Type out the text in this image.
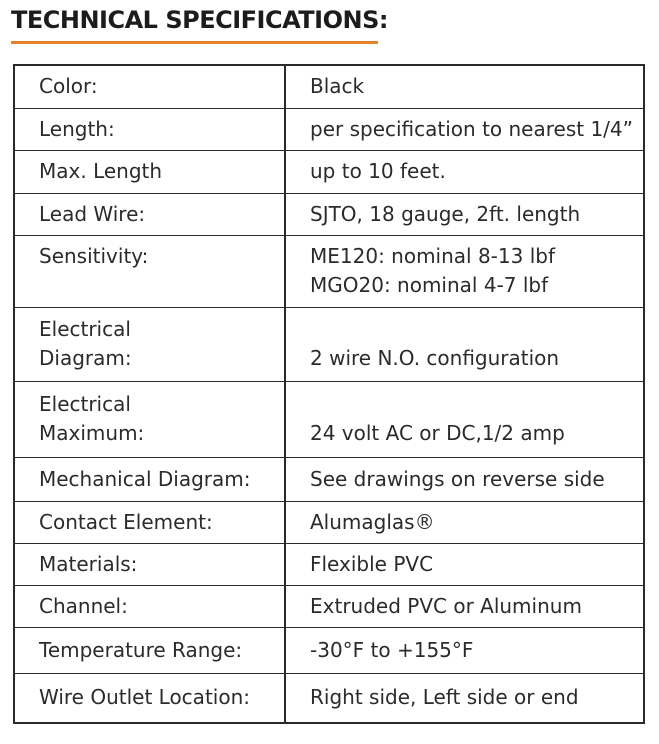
TECHNICAL SPECIFICATIONS:
Color:	Black
Length:	per specification to nearest 1/4”
Max. Length	up to 10 feet.
Lead Wire:	SJTO, 18 gauge, 2ft. length
Sensitivity:	ME120: nominal 8-13 lbf
MGO20: nominal 4-7 lbf

Electrical
Diagram:	2 wire N.O. configuration

Electrical
Maximum:	24 volt AC or DC,1/2 amp

Mechanical Diagram:	See drawings on reverse side
Contact Element:	Alumaglas®
Materials:	Flexible PVC
Channel:	Extruded PVC or Aluminum
Temperature Range:	-30°F to +155°F
Wire Outlet Location:	Right side, Left side or end
